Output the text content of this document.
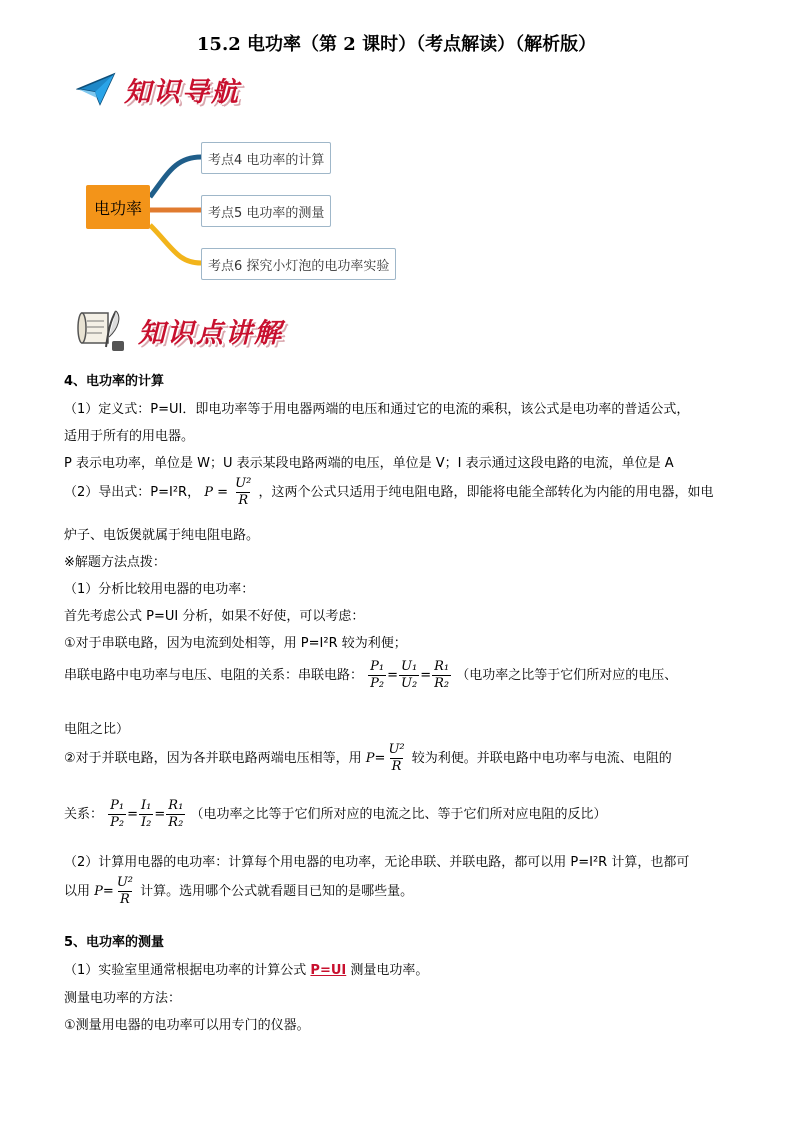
15.2 电功率（第 2 课时）（考点解读）（解析版）
知识导航
电功率
考点4 电功率的计算
考点5 电功率的测量
考点6 探究小灯泡的电功率实验
知识点讲解
4、电功率的计算
（1）定义式：P=UI．即电功率等于用电器两端的电压和通过它的电流的乘积，该公式是电功率的普适公式，
适用于所有的用电器。
P 表示电功率，单位是 W；U 表示某段电路两端的电压，单位是 V；I 表示通过这段电路的电流，单位是 A
（2）导出式：P=I²R， $P = \frac{\text{U²}}{R}$ ，这两个公式只适用于纯电阻电路，即能将电能全部转化为内能的用电器，如电
炉子、电饭煲就属于纯电阻电路。
※解题方法点拨：
（1）分析比较用电器的电功率：
首先考虑公式 P=UI 分析，如果不好使，可以考虑：
①对于串联电路，因为电流到处相等，用 P=I²R 较为利便；
串联电路中电功率与电压、电阻的关系：串联电路： $\frac{\text{P₁}}{\text{P₂}} = \frac{\text{U₁}}{\text{U₂}} = \frac{\text{R₁}}{\text{R₂}}$ （电功率之比等于它们所对应的电压、
电阻之比）
②对于并联电路，因为各并联电路两端电压相等，用 $P= \frac{\text{U²}}{R}$ 较为利便。并联电路中电功率与电流、电阻的
关系： $\frac{\text{P₁}}{\text{P₂}} = \frac{\text{I₁}}{\text{I₂}} = \frac{\text{R₁}}{\text{R₂}}$ （电功率之比等于它们所对应的电流之比、等于它们所对应电阻的反比）
（2）计算用电器的电功率：计算每个用电器的电功率，无论串联、并联电路，都可以用 P=I²R 计算，也都可
以用 $P= \frac{\text{U²}}{R}$ 计算。选用哪个公式就看题目已知的是哪些量。
5、电功率的测量
（1）实验室里通常根据电功率的计算公式 P=UI 测量电功率。
测量电功率的方法：
①测量用电器的电功率可以用专门的仪器。
